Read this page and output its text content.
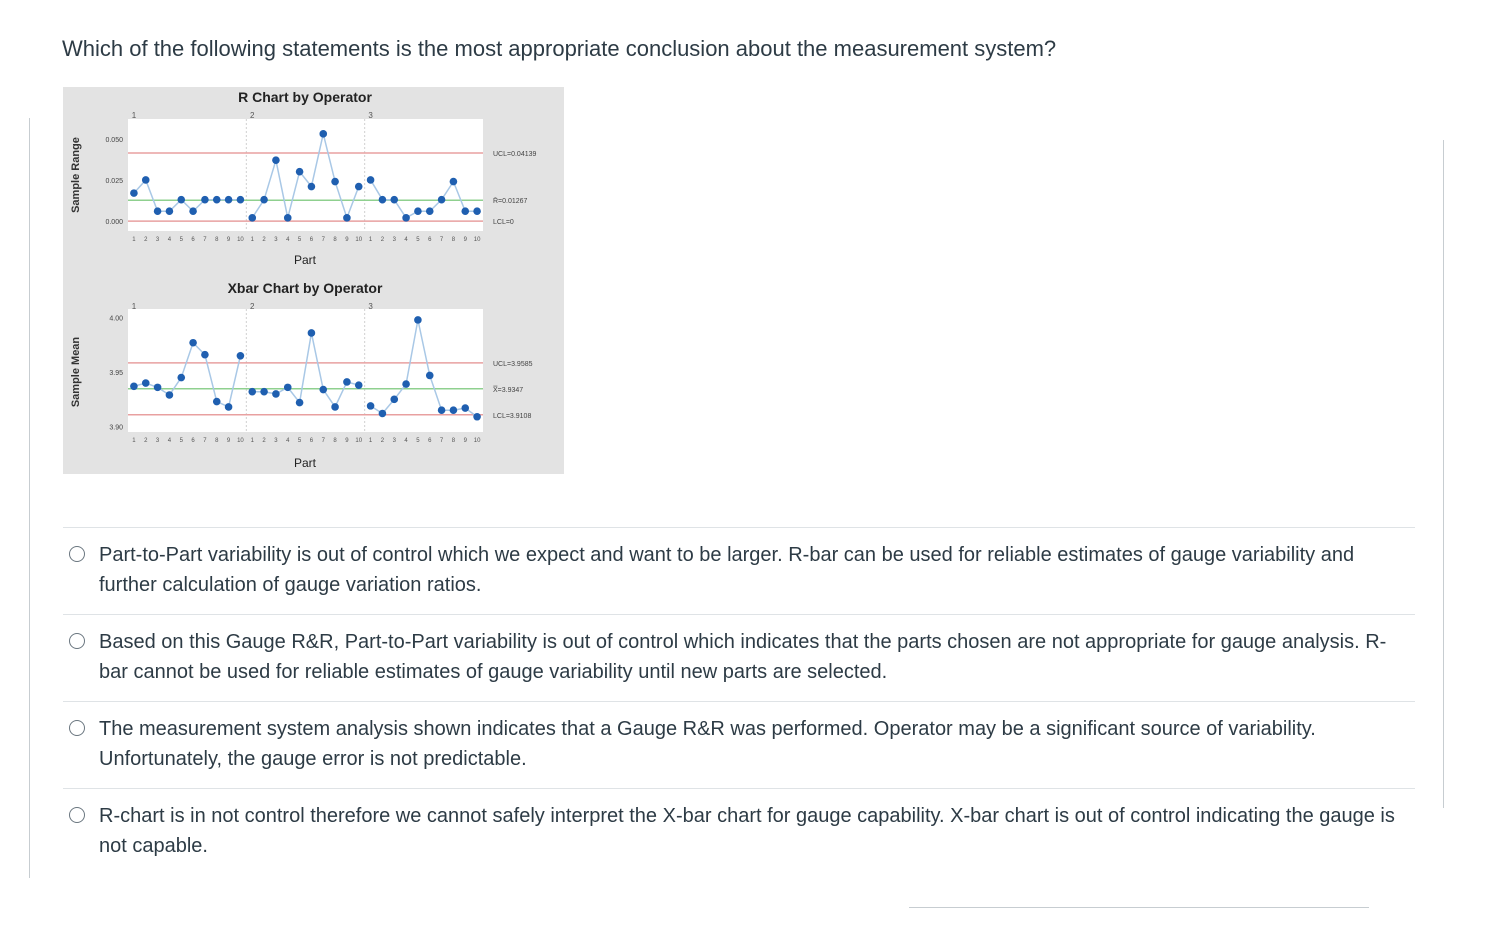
Which of the following statements is the most appropriate conclusion about the measurement system?
R Chart by Operator
1	2	3
UCL=0.04139
R̄=0.01267
LCL=0
0.000
0.025
0.050
Sample Range
Part
1 2 3 4 5 6 7 8 9 10 1 2 3 4 5 6 7 8 9 10 1 2 3 4 5 6 7 8 9 10
Xbar Chart by Operator
1	2	3
UCL=3.9585
X̿=3.9347
LCL=3.9108
3.90
3.95
4.00
Sample Mean
Part
1 2 3 4 5 6 7 8 9 10 1 2 3 4 5 6 7 8 9 10 1 2 3 4 5 6 7 8 9 10
Part-to-Part variability is out of control which we expect and want to be larger. R-bar can be used for reliable estimates of gauge variability and further calculation of gauge variation ratios.
Based on this Gauge R&R, Part-to-Part variability is out of control which indicates that the parts chosen are not appropriate for gauge analysis. R-bar cannot be used for reliable estimates of gauge variability until new parts are selected.
The measurement system analysis shown indicates that a Gauge R&R was performed. Operator may be a significant source of variability. Unfortunately, the gauge error is not predictable.
R-chart is in not control therefore we cannot safely interpret the X-bar chart for gauge capability. X-bar chart is out of control indicating the gauge is not capable.
